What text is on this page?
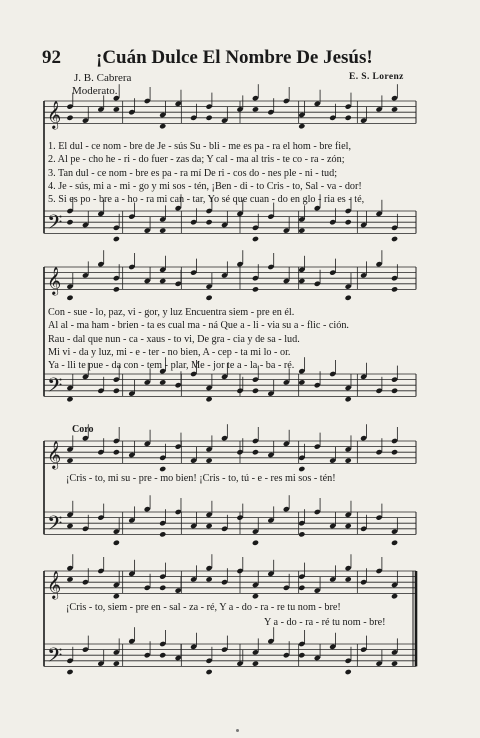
92 ¡Cuán Dulce El Nombre De Jesús!
J. B. Cabrera	E. S. Lorenz
Moderato.
Coro
𝄞
𝄢
𝄞
𝄢
𝄞
𝄢
𝄞
𝄢
1. El dul - ce nom - bre de Je - sús Su - bli - me es pa - ra el hom - bre fiel,
2. Al pe - cho he - ri - do fuer - zas da; Y cal - ma al tris - te co - ra - zón;
3. Tan dul - ce nom - bre es pa - ra mí De ri - cos do - nes ple - ni - tud;
4. Je - sús, mi a - mi - go y mi sos - tén, ¡Ben - di - to Cris - to, Sal - va - dor!
5. Si es po - bre a - ho - ra mi can - tar, Yo sé que cuan - do en glo - ria es - té,
Con - sue - lo, paz, vi - gor, y luz Encuentra siem - pre en él.
Al al - ma ham - brien - ta es cual ma - ná Que a - li - via su a - flic - ción.
Rau - dal que nun - ca - xaus - to vi, De gra - cia y de sa - lud.
Mi vi - da y luz, mi - e - ter - no bien, A - cep - ta mi lo - or.
Ya - lli te pue - da con - tem - plar, Me - jor te a - la - ba - ré.
¡Cris - to, mi su - pre - mo bien! ¡Cris - to, tú - e - res mi sos - tén!
¡Cris - to, siem - pre en - sal - za - ré, Y a - do - ra - re tu nom - bre!
Y a - do - ra - ré tu nom - bre!
